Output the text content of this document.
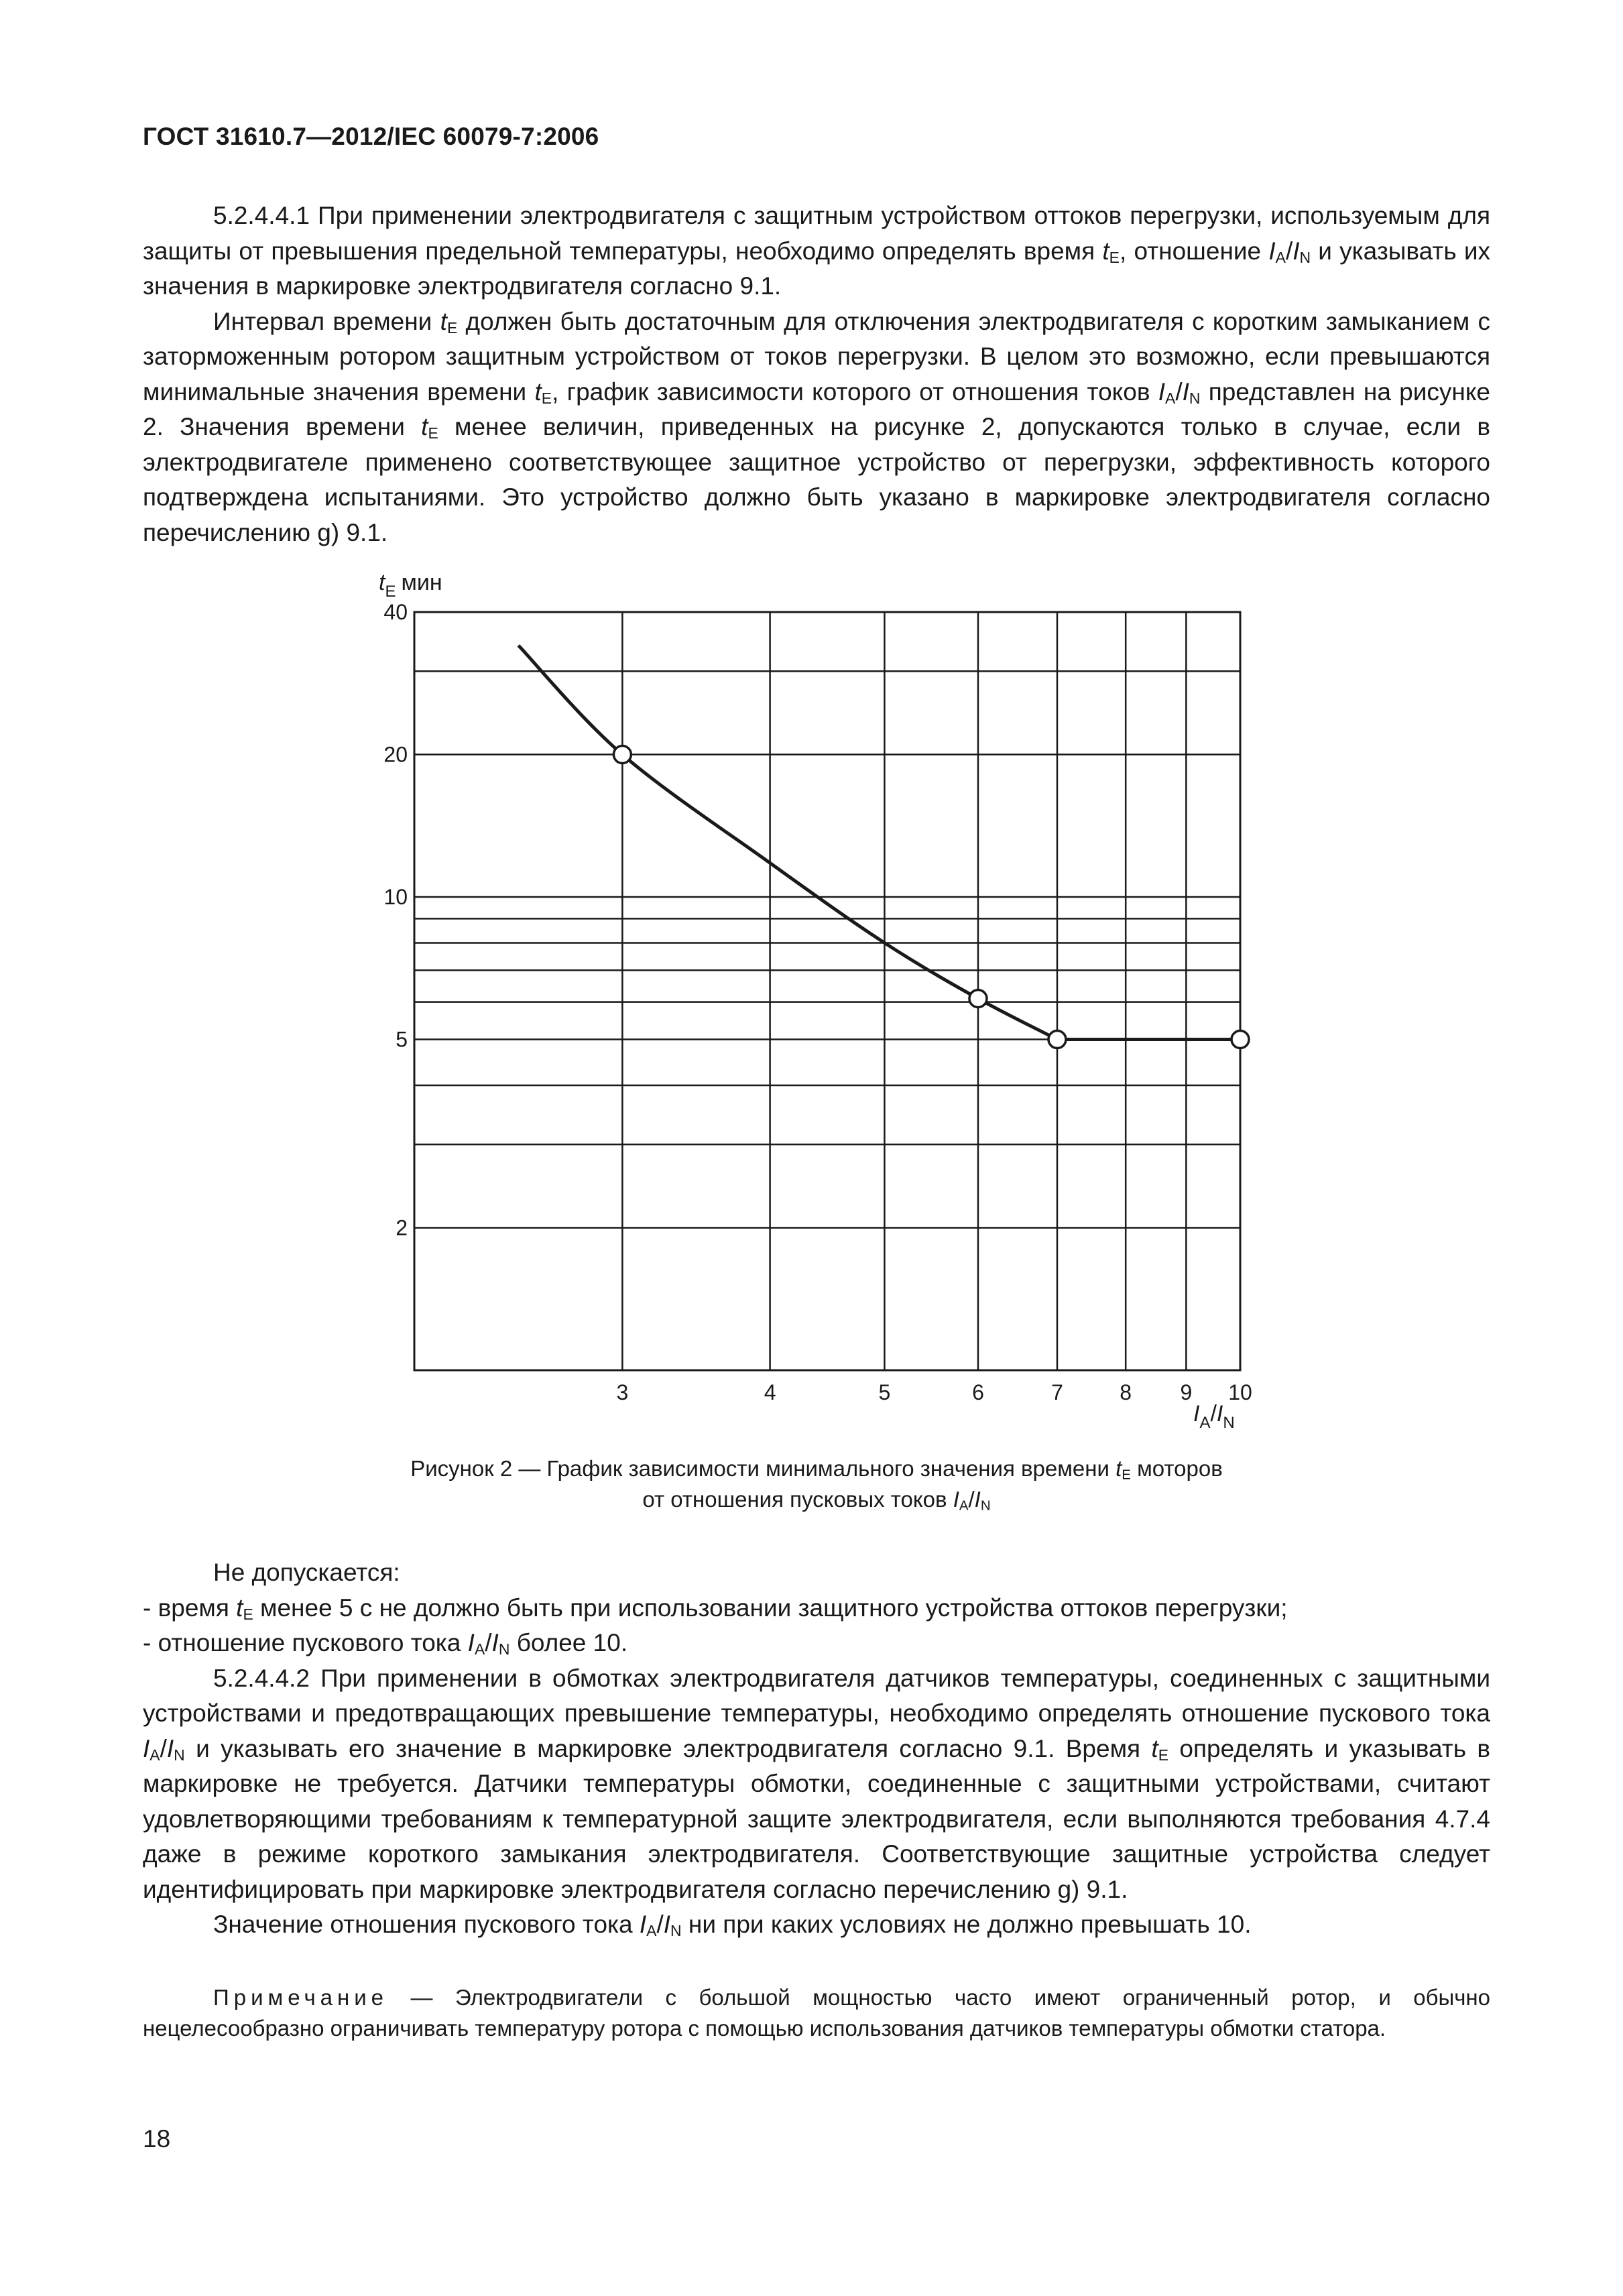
ГОСТ 31610.7—2012/IEC 60079-7:2006

5.2.4.4.1 При применении электродвигателя с защитным устройством оттоков перегрузки, используемым для защиты от превышения предельной температуры, необходимо определять время $t_E$, отношение $I_A/I_N$ и указывать их значения в маркировке электродвигателя согласно 9.1.

Интервал времени $t_E$ должен быть достаточным для отключения электродвигателя с коротким замыканием с заторможенным ротором защитным устройством от токов перегрузки. В целом это возможно, если превышаются минимальные значения времени $t_E$, график зависимости которого от отношения токов $I_A/I_N$ представлен на рисунке 2. Значения времени $t_E$ менее величин, приведенных на рисунке 2, допускаются только в случае, если в электродвигателе применено соответствующее защитное устройство от перегрузки, эффективность которого подтверждена испытаниями. Это устройство должно быть указано в маркировке электродвигателя согласно перечислению g) 9.1.

3	4	5	6	7	8 9 10
2
5
10
20
40
$t_E$ мин
$I_A/I_N$
Рисунок 2 — График зависимости минимального значения времени $t_E$ моторов
от отношения пусковых токов $I_A/I_N$

Не допускается:

- время $t_E$ менее 5 с не должно быть при использовании защитного устройства оттоков перегрузки;

- отношение пускового тока $I_A/I_N$ более 10.

5.2.4.4.2 При применении в обмотках электродвигателя датчиков температуры, соединенных с защитными устройствами и предотвращающих превышение температуры, необходимо определять отношение пускового тока $I_A/I_N$ и указывать его значение в маркировке электродвигателя согласно 9.1. Время $t_E$ определять и указывать в маркировке не требуется. Датчики температуры обмотки, соединенные с защитными устройствами, считают удовлетворяющими требованиям к температурной защите электродвигателя, если выполняются требования 4.7.4 даже в режиме короткого замыкания электродвигателя. Соответствующие защитные устройства следует идентифицировать при маркировке электродвигателя согласно перечислению g) 9.1.

Значение отношения пускового тока $I_A/I_N$ ни при каких условиях не должно превышать 10.

Примечание — Электродвигатели с большой мощностью часто имеют ограниченный ротор, и обычно нецелесообразно ограничивать температуру ротора с помощью использования датчиков температуры обмотки статора.
18
